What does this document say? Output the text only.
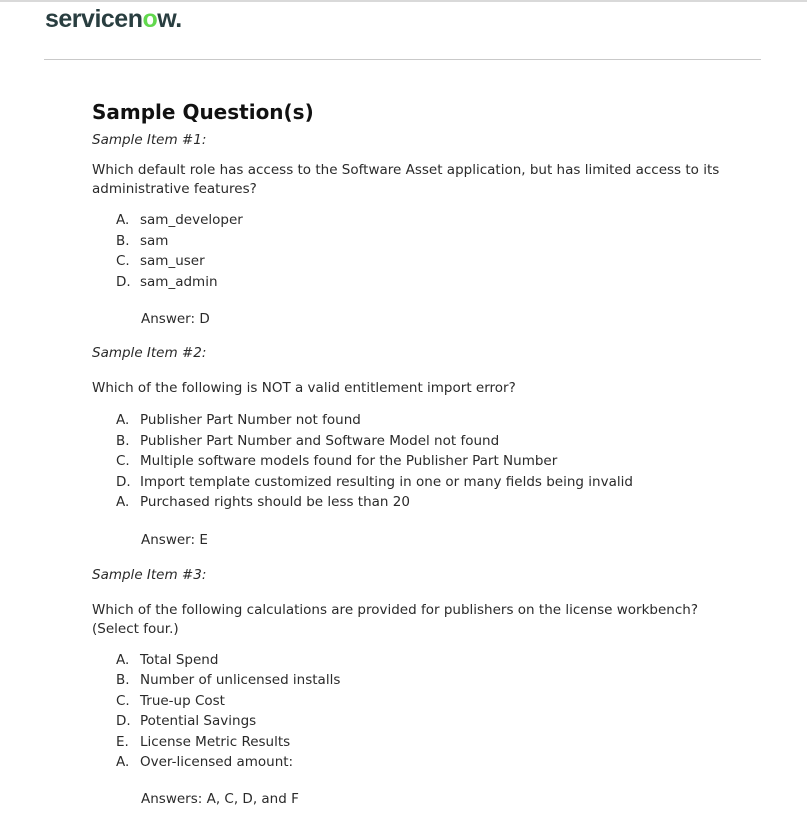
servicenow.
Sample Question(s)
Sample Item #1:
Which default role has access to the Software Asset application, but has limited access to its administrative features?
A. sam_developer
B. sam
C. sam_user
D. sam_admin
Answer: D
Sample Item #2:
Which of the following is NOT a valid entitlement import error?
A. Publisher Part Number not found
B. Publisher Part Number and Software Model not found
C. Multiple software models found for the Publisher Part Number
D. Import template customized resulting in one or many fields being invalid
A. Purchased rights should be less than 20
Answer: E
Sample Item #3:
Which of the following calculations are provided for publishers on the license workbench? (Select four.)
A. Total Spend
B. Number of unlicensed installs
C. True-up Cost
D. Potential Savings
E. License Metric Results
A. Over-licensed amount:
Answers: A, C, D, and F
